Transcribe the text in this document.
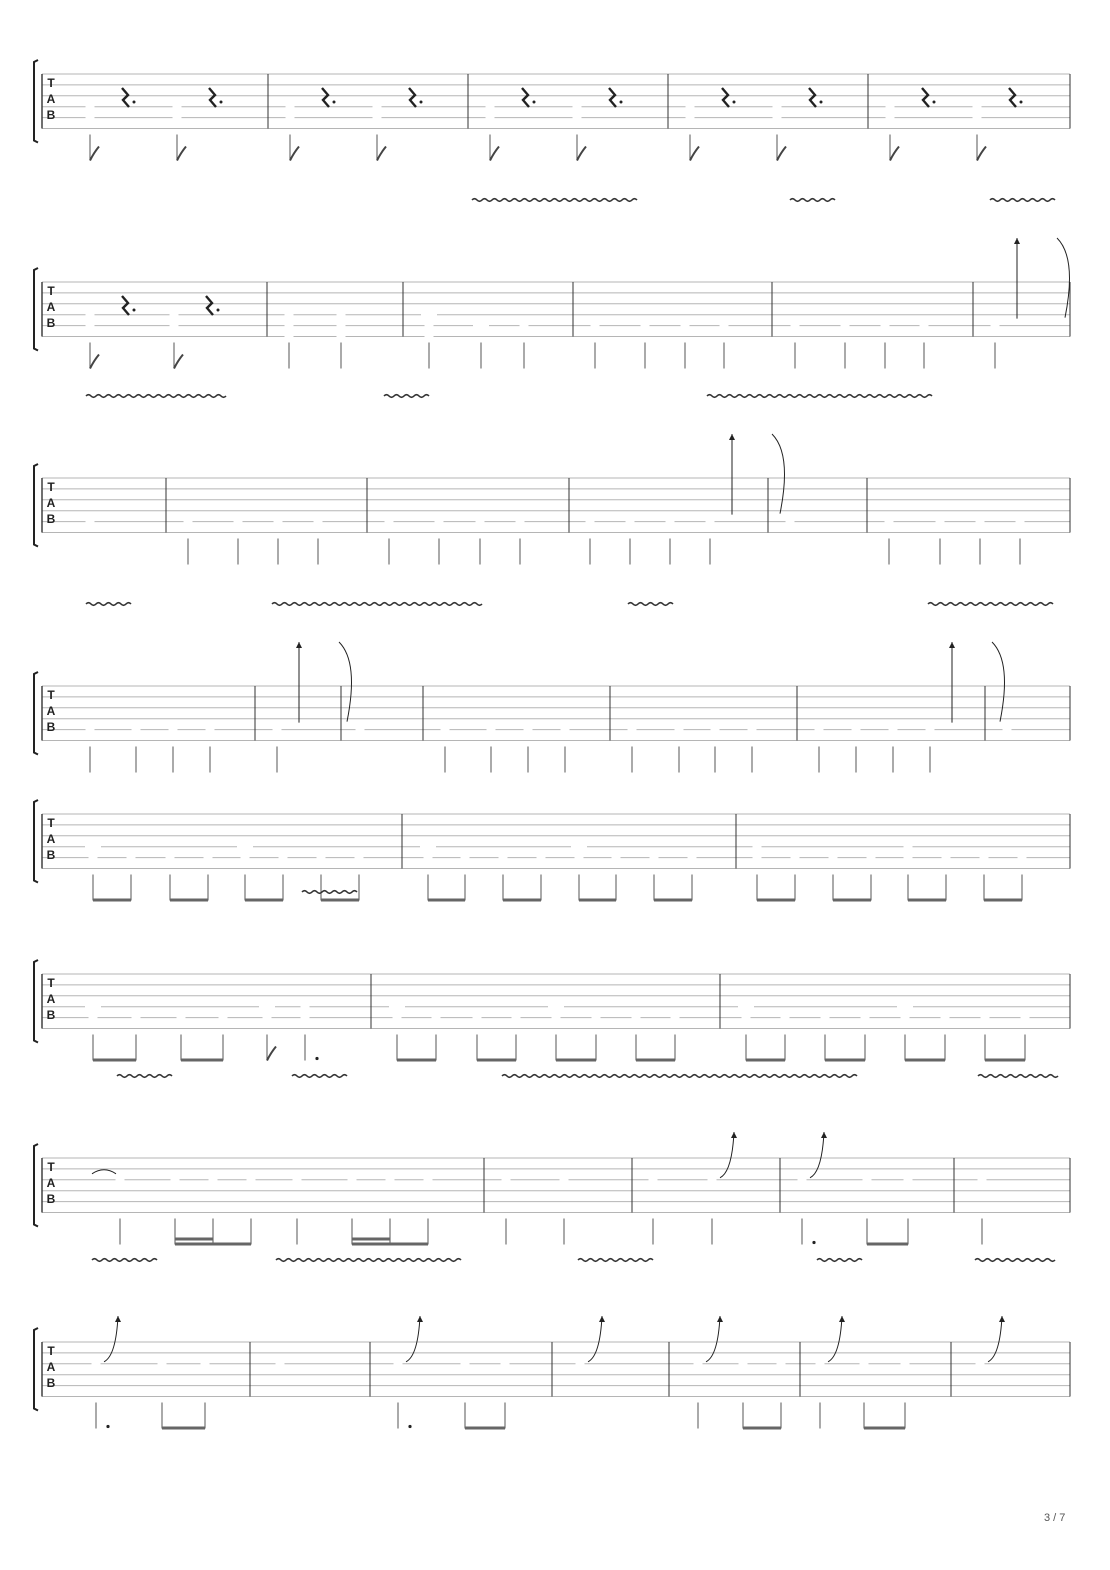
T
A
B
T
A
B
T
A
B
T
A
B
T
A
B
T
A
B
T
A
B
T
A
B
3 / 7
